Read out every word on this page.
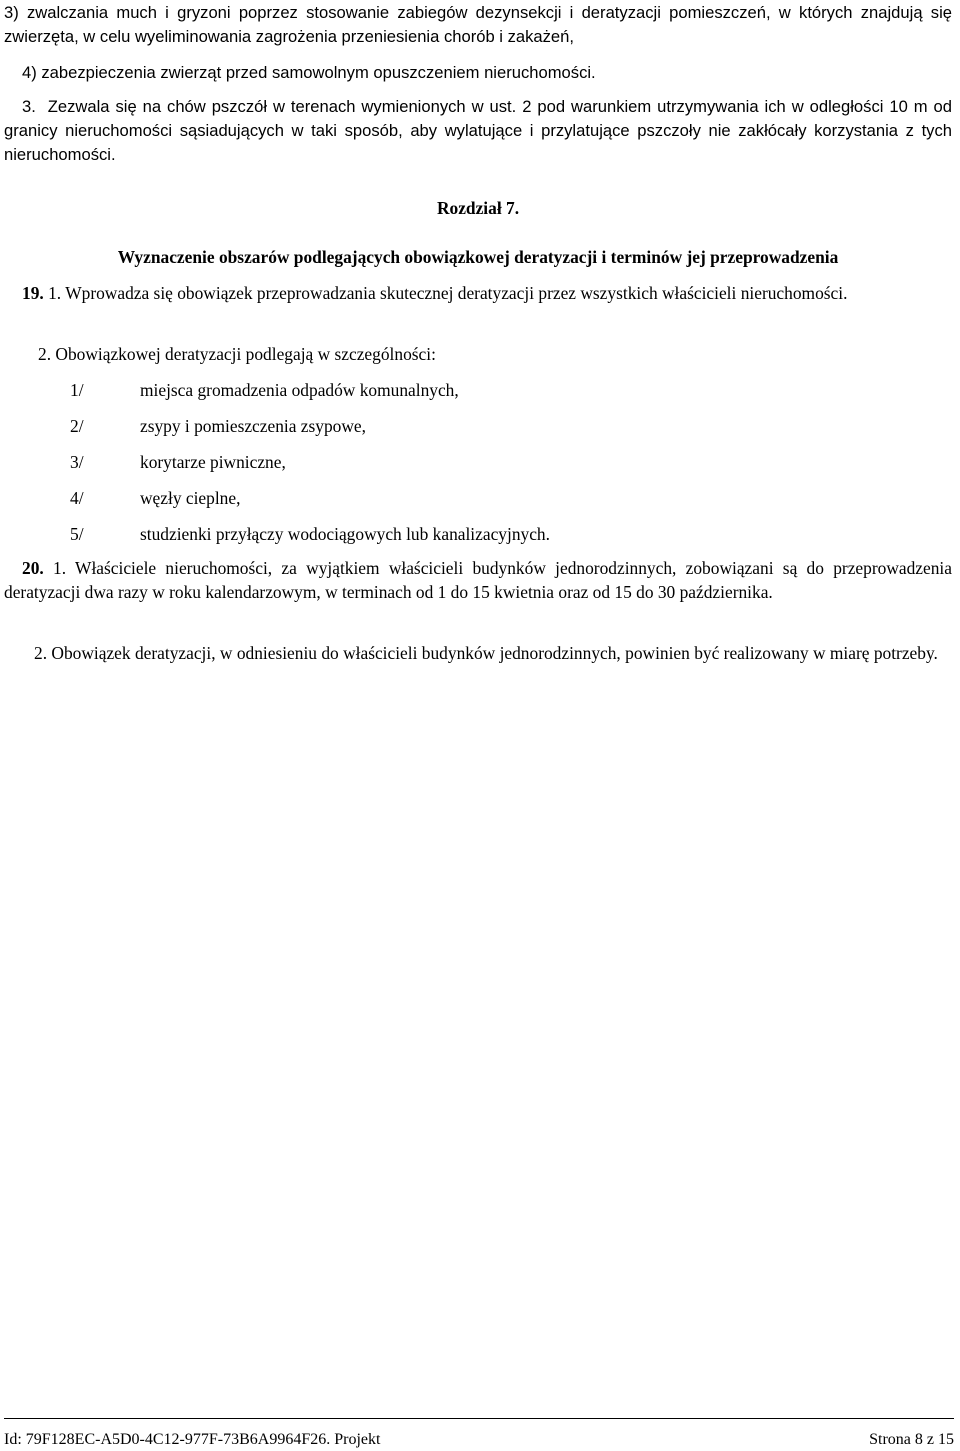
3) zwalczania much i gryzoni poprzez stosowanie zabiegów dezynsekcji i deratyzacji pomieszczeń, w których znajdują się zwierzęta, w celu wyeliminowania zagrożenia przeniesienia chorób i zakażeń,

4) zabezpieczenia zwierząt przed samowolnym opuszczeniem nieruchomości.

3. Zezwala się na chów pszczół w terenach wymienionych w ust. 2 pod warunkiem utrzymywania ich w odległości 10 m od granicy nieruchomości sąsiadujących w taki sposób, aby wylatujące i przylatujące pszczoły nie zakłócały korzystania z tych nieruchomości.

Rozdział 7.

Wyznaczenie obszarów podlegających obowiązkowej deratyzacji i terminów jej przeprowadzenia

19. 1. Wprowadza się obowiązek przeprowadzania skutecznej deratyzacji przez wszystkich właścicieli nieruchomości.

2. Obowiązkowej deratyzacji podlegają w szczególności:

1/	miejsca gromadzenia odpadów komunalnych,
2/	zsypy i pomieszczenia zsypowe,
3/	korytarze piwniczne,
4/	węzły cieplne,
5/	studzienki przyłączy wodociągowych lub kanalizacyjnych.

20. 1. Właściciele nieruchomości, za wyjątkiem właścicieli budynków jednorodzinnych, zobowiązani są do przeprowadzenia deratyzacji dwa razy w roku kalendarzowym, w terminach od 1 do 15 kwietnia oraz od 15 do 30 października.

2. Obowiązek deratyzacji, w odniesieniu do właścicieli budynków jednorodzinnych, powinien być realizowany w miarę potrzeby.

Id: 79F128EC-A5D0-4C12-977F-73B6A9964F26. Projekt	Strona 8 z 15
